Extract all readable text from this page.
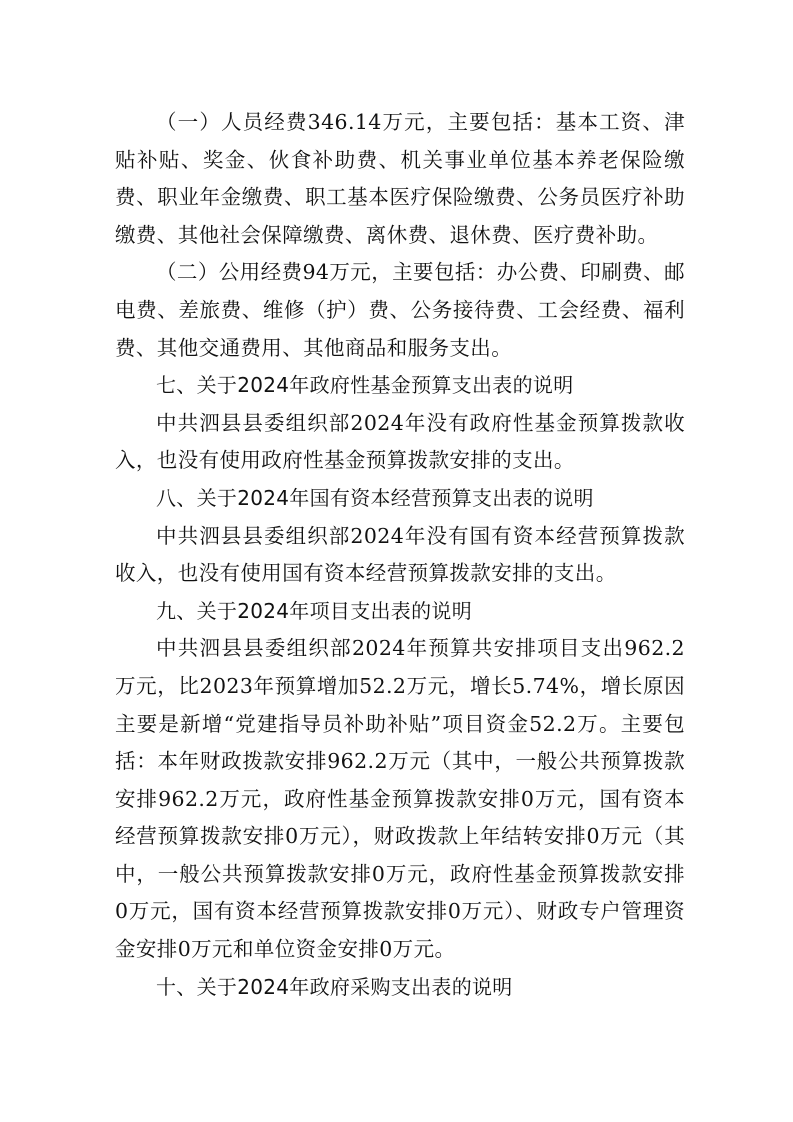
（一）人员经费346.14万元，主要包括：基本工资、津贴补贴、奖金、伙食补助费、机关事业单位基本养老保险缴费、职业年金缴费、职工基本医疗保险缴费、公务员医疗补助缴费、其他社会保障缴费、离休费、退休费、医疗费补助。

（二）公用经费94万元，主要包括：办公费、印刷费、邮电费、差旅费、维修（护）费、公务接待费、工会经费、福利费、其他交通费用、其他商品和服务支出。

七、关于2024年政府性基金预算支出表的说明

中共泗县县委组织部2024年没有政府性基金预算拨款收入，也没有使用政府性基金预算拨款安排的支出。

八、关于2024年国有资本经营预算支出表的说明

中共泗县县委组织部2024年没有国有资本经营预算拨款收入，也没有使用国有资本经营预算拨款安排的支出。

九、关于2024年项目支出表的说明

中共泗县县委组织部2024年预算共安排项目支出962.2万元，比2023年预算增加52.2万元，增长5.74%，增长原因主要是新增“党建指导员补助补贴”项目资金52.2万。主要包括：本年财政拨款安排962.2万元（其中，一般公共预算拨款安排962.2万元，政府性基金预算拨款安排0万元，国有资本经营预算拨款安排0万元），财政拨款上年结转安排0万元（其中，一般公共预算拨款安排0万元，政府性基金预算拨款安排0万元，国有资本经营预算拨款安排0万元）、财政专户管理资金安排0万元和单位资金安排0万元。

十、关于2024年政府采购支出表的说明
